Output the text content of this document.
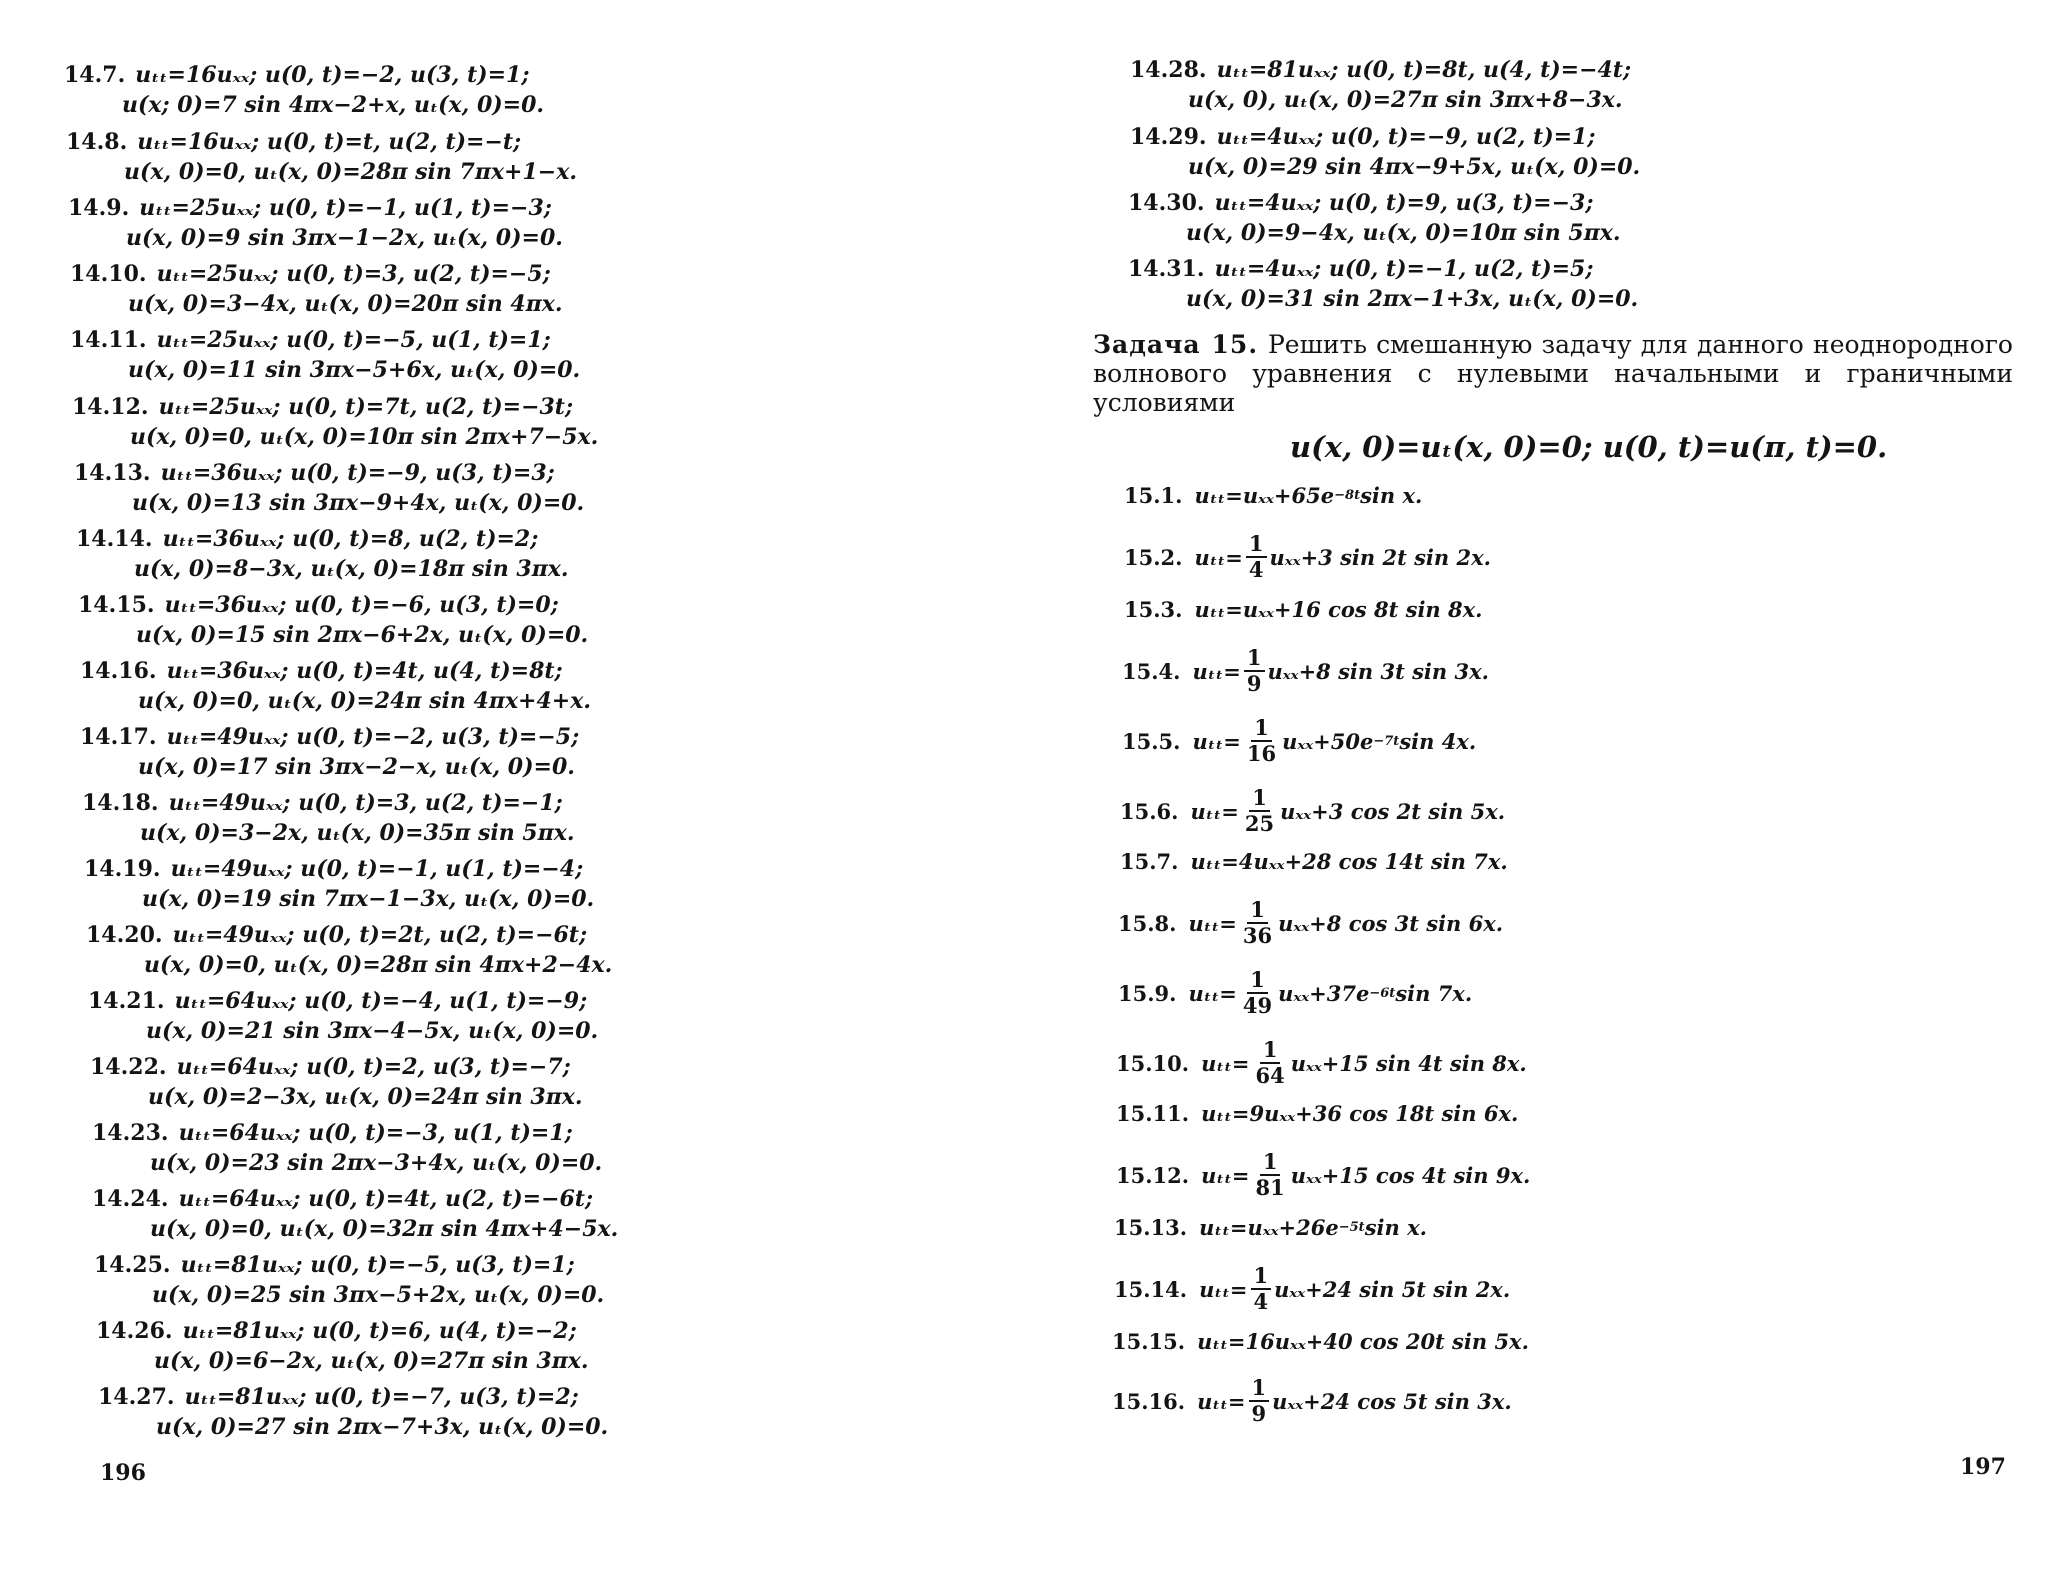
14.7. uₜₜ=16uₓₓ; u(0, t)=−2, u(3, t)=1;
u(x; 0)=7 sin 4πx−2+x, uₜ(x, 0)=0.
14.8. uₜₜ=16uₓₓ; u(0, t)=t, u(2, t)=−t;
u(x, 0)=0, uₜ(x, 0)=28π sin 7πx+1−x.
14.9. uₜₜ=25uₓₓ; u(0, t)=−1, u(1, t)=−3;
u(x, 0)=9 sin 3πx−1−2x, uₜ(x, 0)=0.
14.10. uₜₜ=25uₓₓ; u(0, t)=3, u(2, t)=−5;
u(x, 0)=3−4x, uₜ(x, 0)=20π sin 4πx.
14.11. uₜₜ=25uₓₓ; u(0, t)=−5, u(1, t)=1;
u(x, 0)=11 sin 3πx−5+6x, uₜ(x, 0)=0.
14.12. uₜₜ=25uₓₓ; u(0, t)=7t, u(2, t)=−3t;
u(x, 0)=0, uₜ(x, 0)=10π sin 2πx+7−5x.
14.13. uₜₜ=36uₓₓ; u(0, t)=−9, u(3, t)=3;
u(x, 0)=13 sin 3πx−9+4x, uₜ(x, 0)=0.
14.14. uₜₜ=36uₓₓ; u(0, t)=8, u(2, t)=2;
u(x, 0)=8−3x, uₜ(x, 0)=18π sin 3πx.
14.15. uₜₜ=36uₓₓ; u(0, t)=−6, u(3, t)=0;
u(x, 0)=15 sin 2πx−6+2x, uₜ(x, 0)=0.
14.16. uₜₜ=36uₓₓ; u(0, t)=4t, u(4, t)=8t;
u(x, 0)=0, uₜ(x, 0)=24π sin 4πx+4+x.
14.17. uₜₜ=49uₓₓ; u(0, t)=−2, u(3, t)=−5;
u(x, 0)=17 sin 3πx−2−x, uₜ(x, 0)=0.
14.18. uₜₜ=49uₓₓ; u(0, t)=3, u(2, t)=−1;
u(x, 0)=3−2x, uₜ(x, 0)=35π sin 5πx.
14.19. uₜₜ=49uₓₓ; u(0, t)=−1, u(1, t)=−4;
u(x, 0)=19 sin 7πx−1−3x, uₜ(x, 0)=0.
14.20. uₜₜ=49uₓₓ; u(0, t)=2t, u(2, t)=−6t;
u(x, 0)=0, uₜ(x, 0)=28π sin 4πx+2−4x.
14.21. uₜₜ=64uₓₓ; u(0, t)=−4, u(1, t)=−9;
u(x, 0)=21 sin 3πx−4−5x, uₜ(x, 0)=0.
14.22. uₜₜ=64uₓₓ; u(0, t)=2, u(3, t)=−7;
u(x, 0)=2−3x, uₜ(x, 0)=24π sin 3πx.
14.23. uₜₜ=64uₓₓ; u(0, t)=−3, u(1, t)=1;
u(x, 0)=23 sin 2πx−3+4x, uₜ(x, 0)=0.
14.24. uₜₜ=64uₓₓ; u(0, t)=4t, u(2, t)=−6t;
u(x, 0)=0, uₜ(x, 0)=32π sin 4πx+4−5x.
14.25. uₜₜ=81uₓₓ; u(0, t)=−5, u(3, t)=1;
u(x, 0)=25 sin 3πx−5+2x, uₜ(x, 0)=0.
14.26. uₜₜ=81uₓₓ; u(0, t)=6, u(4, t)=−2;
u(x, 0)=6−2x, uₜ(x, 0)=27π sin 3πx.
14.27. uₜₜ=81uₓₓ; u(0, t)=−7, u(3, t)=2;
u(x, 0)=27 sin 2πx−7+3x, uₜ(x, 0)=0.
196
14.28. uₜₜ=81uₓₓ; u(0, t)=8t, u(4, t)=−4t;
u(x, 0), uₜ(x, 0)=27π sin 3πx+8−3x.
14.29. uₜₜ=4uₓₓ; u(0, t)=−9, u(2, t)=1;
u(x, 0)=29 sin 4πx−9+5x, uₜ(x, 0)=0.
14.30. uₜₜ=4uₓₓ; u(0, t)=9, u(3, t)=−3;
u(x, 0)=9−4x, uₜ(x, 0)=10π sin 5πx.
14.31. uₜₜ=4uₓₓ; u(0, t)=−1, u(2, t)=5;
u(x, 0)=31 sin 2πx−1+3x, uₜ(x, 0)=0.
Задача 15. Решить смешанную задачу для данного неоднородного волнового уравнения с нулевыми начальными и граничными условиями
u(x, 0)=uₜ(x, 0)=0; u(0, t)=u(π, t)=0.
15.1. uₜₜ=uₓₓ+65e −8t sin x.
15.2. $u_{tt}= \frac{1}{4} u_{xx}+3$ sin 2t sin 2x.
15.3. uₜₜ=uₓₓ+16 cos 8t sin 8x.
15.4. $u_{tt}= \frac{1}{9} u_{xx}+8$ sin 3t sin 3x.
15.5. $u_{tt}= \frac{1}{16} u_{xx}+50e -7t$ sin 4x.
15.6. $u_{tt}= \frac{1}{25} u_{xx}+3$ cos 2t sin 5x.
15.7. uₜₜ=4uₓₓ+28 cos 14t sin 7x.
15.8. $u_{tt}= \frac{1}{36} u_{xx}+8$ cos 3t sin 6x.
15.9. $u_{tt}= \frac{1}{49} u_{xx}+37e -6t$ sin 7x.
15.10. $u_{tt}= \frac{1}{64} u_{xx}+15$ sin 4t sin 8x.
15.11. uₜₜ=9uₓₓ+36 cos 18t sin 6x.
15.12. $u_{tt}= \frac{1}{81} u_{xx}+15$ cos 4t sin 9x.
15.13. uₜₜ=uₓₓ+26e −5t sin x.
15.14. $u_{tt}= \frac{1}{4} u_{xx}+24$ sin 5t sin 2x.
15.15. uₜₜ=16uₓₓ+40 cos 20t sin 5x.
15.16. $u_{tt}= \frac{1}{9} u_{xx}+24$ cos 5t sin 3x.
197
